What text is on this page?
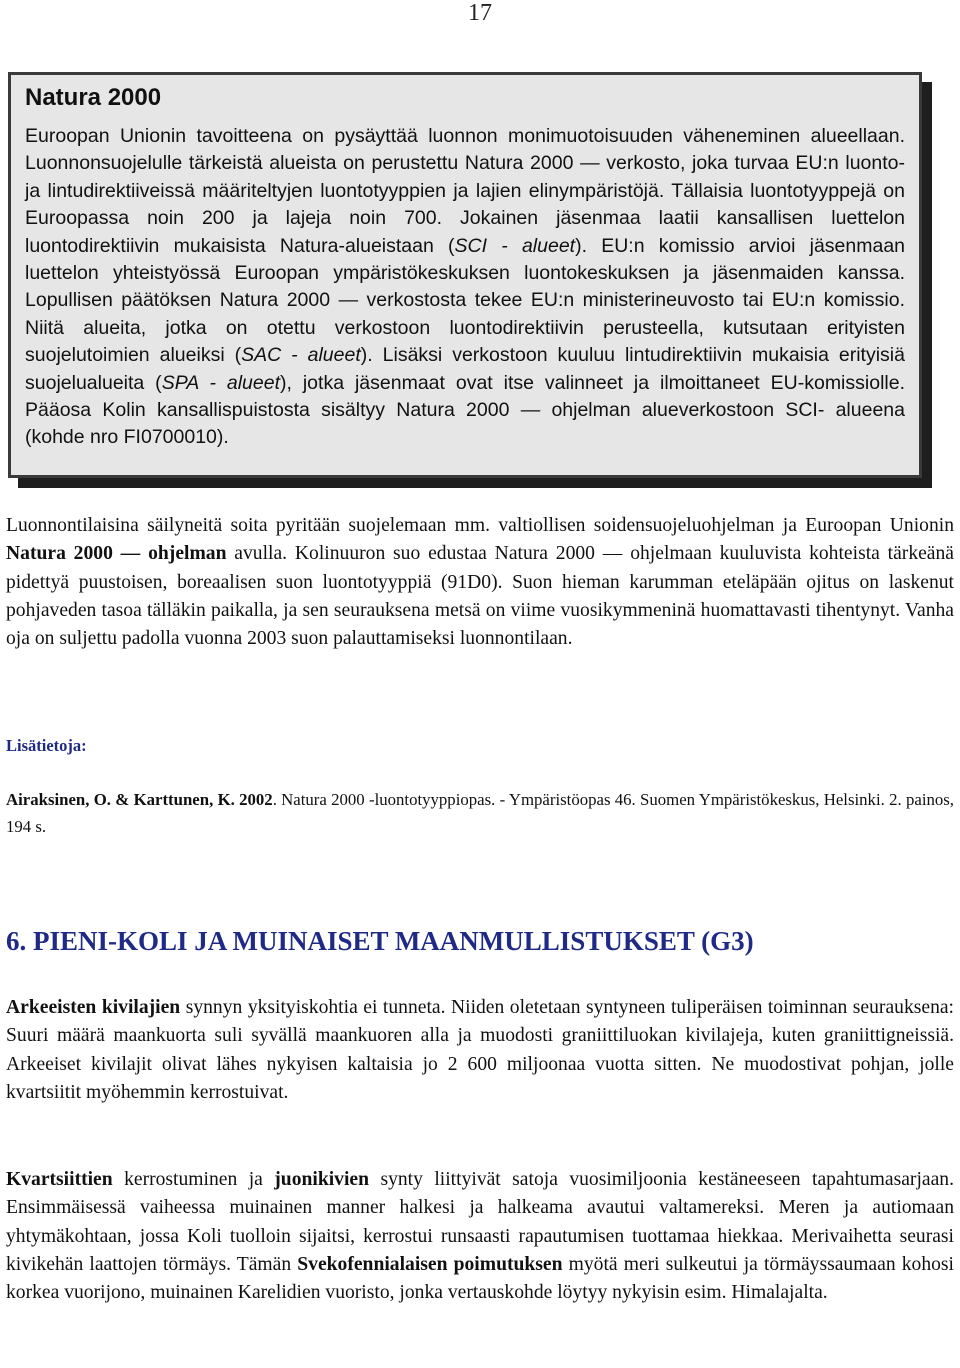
17
Natura 2000

Euroopan Unionin tavoitteena on pysäyttää luonnon monimuotoisuuden väheneminen alueellaan. Luonnonsuojelulle tärkeistä alueista on perustettu Natura 2000 — verkosto, joka turvaa EU:n luonto- ja lintudirektiiveissä määriteltyjen luontotyyppien ja lajien elinympäristöjä. Tällaisia luontotyyppejä on Euroopassa noin 200 ja lajeja noin 700. Jokainen jäsenmaa laatii kansallisen luettelon luontodirektiivin mukaisista Natura-alueistaan (SCI - alueet). EU:n komissio arvioi jäsenmaan luettelon yhteistyössä Euroopan ympäristökeskuksen luontokeskuksen ja jäsenmaiden kanssa. Lopullisen päätöksen Natura 2000 — verkostosta tekee EU:n ministerineuvosto tai EU:n komissio. Niitä alueita, jotka on otettu verkostoon luontodirektiivin perusteella, kutsutaan erityisten suojelutoimien alueiksi (SAC - alueet). Lisäksi verkostoon kuuluu lintudirektiivin mukaisia erityisiä suojelualueita (SPA - alueet), jotka jäsenmaat ovat itse valinneet ja ilmoittaneet EU-komissiolle. Pääosa Kolin kansallispuistosta sisältyy Natura 2000 — ohjelman alueverkostoon SCI- alueena (kohde nro FI0700010).

Luonnontilaisina säilyneitä soita pyritään suojelemaan mm. valtiollisen soidensuojeluohjelman ja Euroopan Unionin Natura 2000 — ohjelman avulla. Kolinuuron suo edustaa Natura 2000 — ohjelmaan kuuluvista kohteista tärkeänä pidettyä puustoisen, boreaalisen suon luontotyyppiä (91D0). Suon hieman karumman eteläpään ojitus on laskenut pohjaveden tasoa tälläkin paikalla, ja sen seurauksena metsä on viime vuosikymmeninä huomattavasti tihentynyt. Vanha oja on suljettu padolla vuonna 2003 suon palauttamiseksi luonnontilaan.

Lisätietoja:

Airaksinen, O. & Karttunen, K. 2002. Natura 2000 -luontotyyppiopas. - Ympäristöopas 46. Suomen Ympäristökeskus, Helsinki. 2. painos, 194 s.

6. PIENI-KOLI JA MUINAISET MAANMULLISTUKSET (G3)

Arkeeisten kivilajien synnyn yksityiskohtia ei tunneta. Niiden oletetaan syntyneen tuliperäisen toiminnan seurauksena: Suuri määrä maankuorta suli syvällä maankuoren alla ja muodosti graniittiluokan kivilajeja, kuten graniittigneissiä. Arkeeiset kivilajit olivat lähes nykyisen kaltaisia jo 2 600 miljoonaa vuotta sitten. Ne muodostivat pohjan, jolle kvartsiitit myöhemmin kerrostuivat.

Kvartsiittien kerrostuminen ja juonikivien synty liittyivät satoja vuosimiljoonia kestäneeseen tapahtumasarjaan. Ensimmäisessä vaiheessa muinainen manner halkesi ja halkeama avautui valtamereksi. Meren ja autiomaan yhtymäkohtaan, jossa Koli tuolloin sijaitsi, kerrostui runsaasti rapautumisen tuottamaa hiekkaa. Merivaihetta seurasi kivikehän laattojen törmäys. Tämän Svekofennialaisen poimutuksen myötä meri sulkeutui ja törmäyssaumaan kohosi korkea vuorijono, muinainen Karelidien vuoristo, jonka vertauskohde löytyy nykyisin esim. Himalajalta.
